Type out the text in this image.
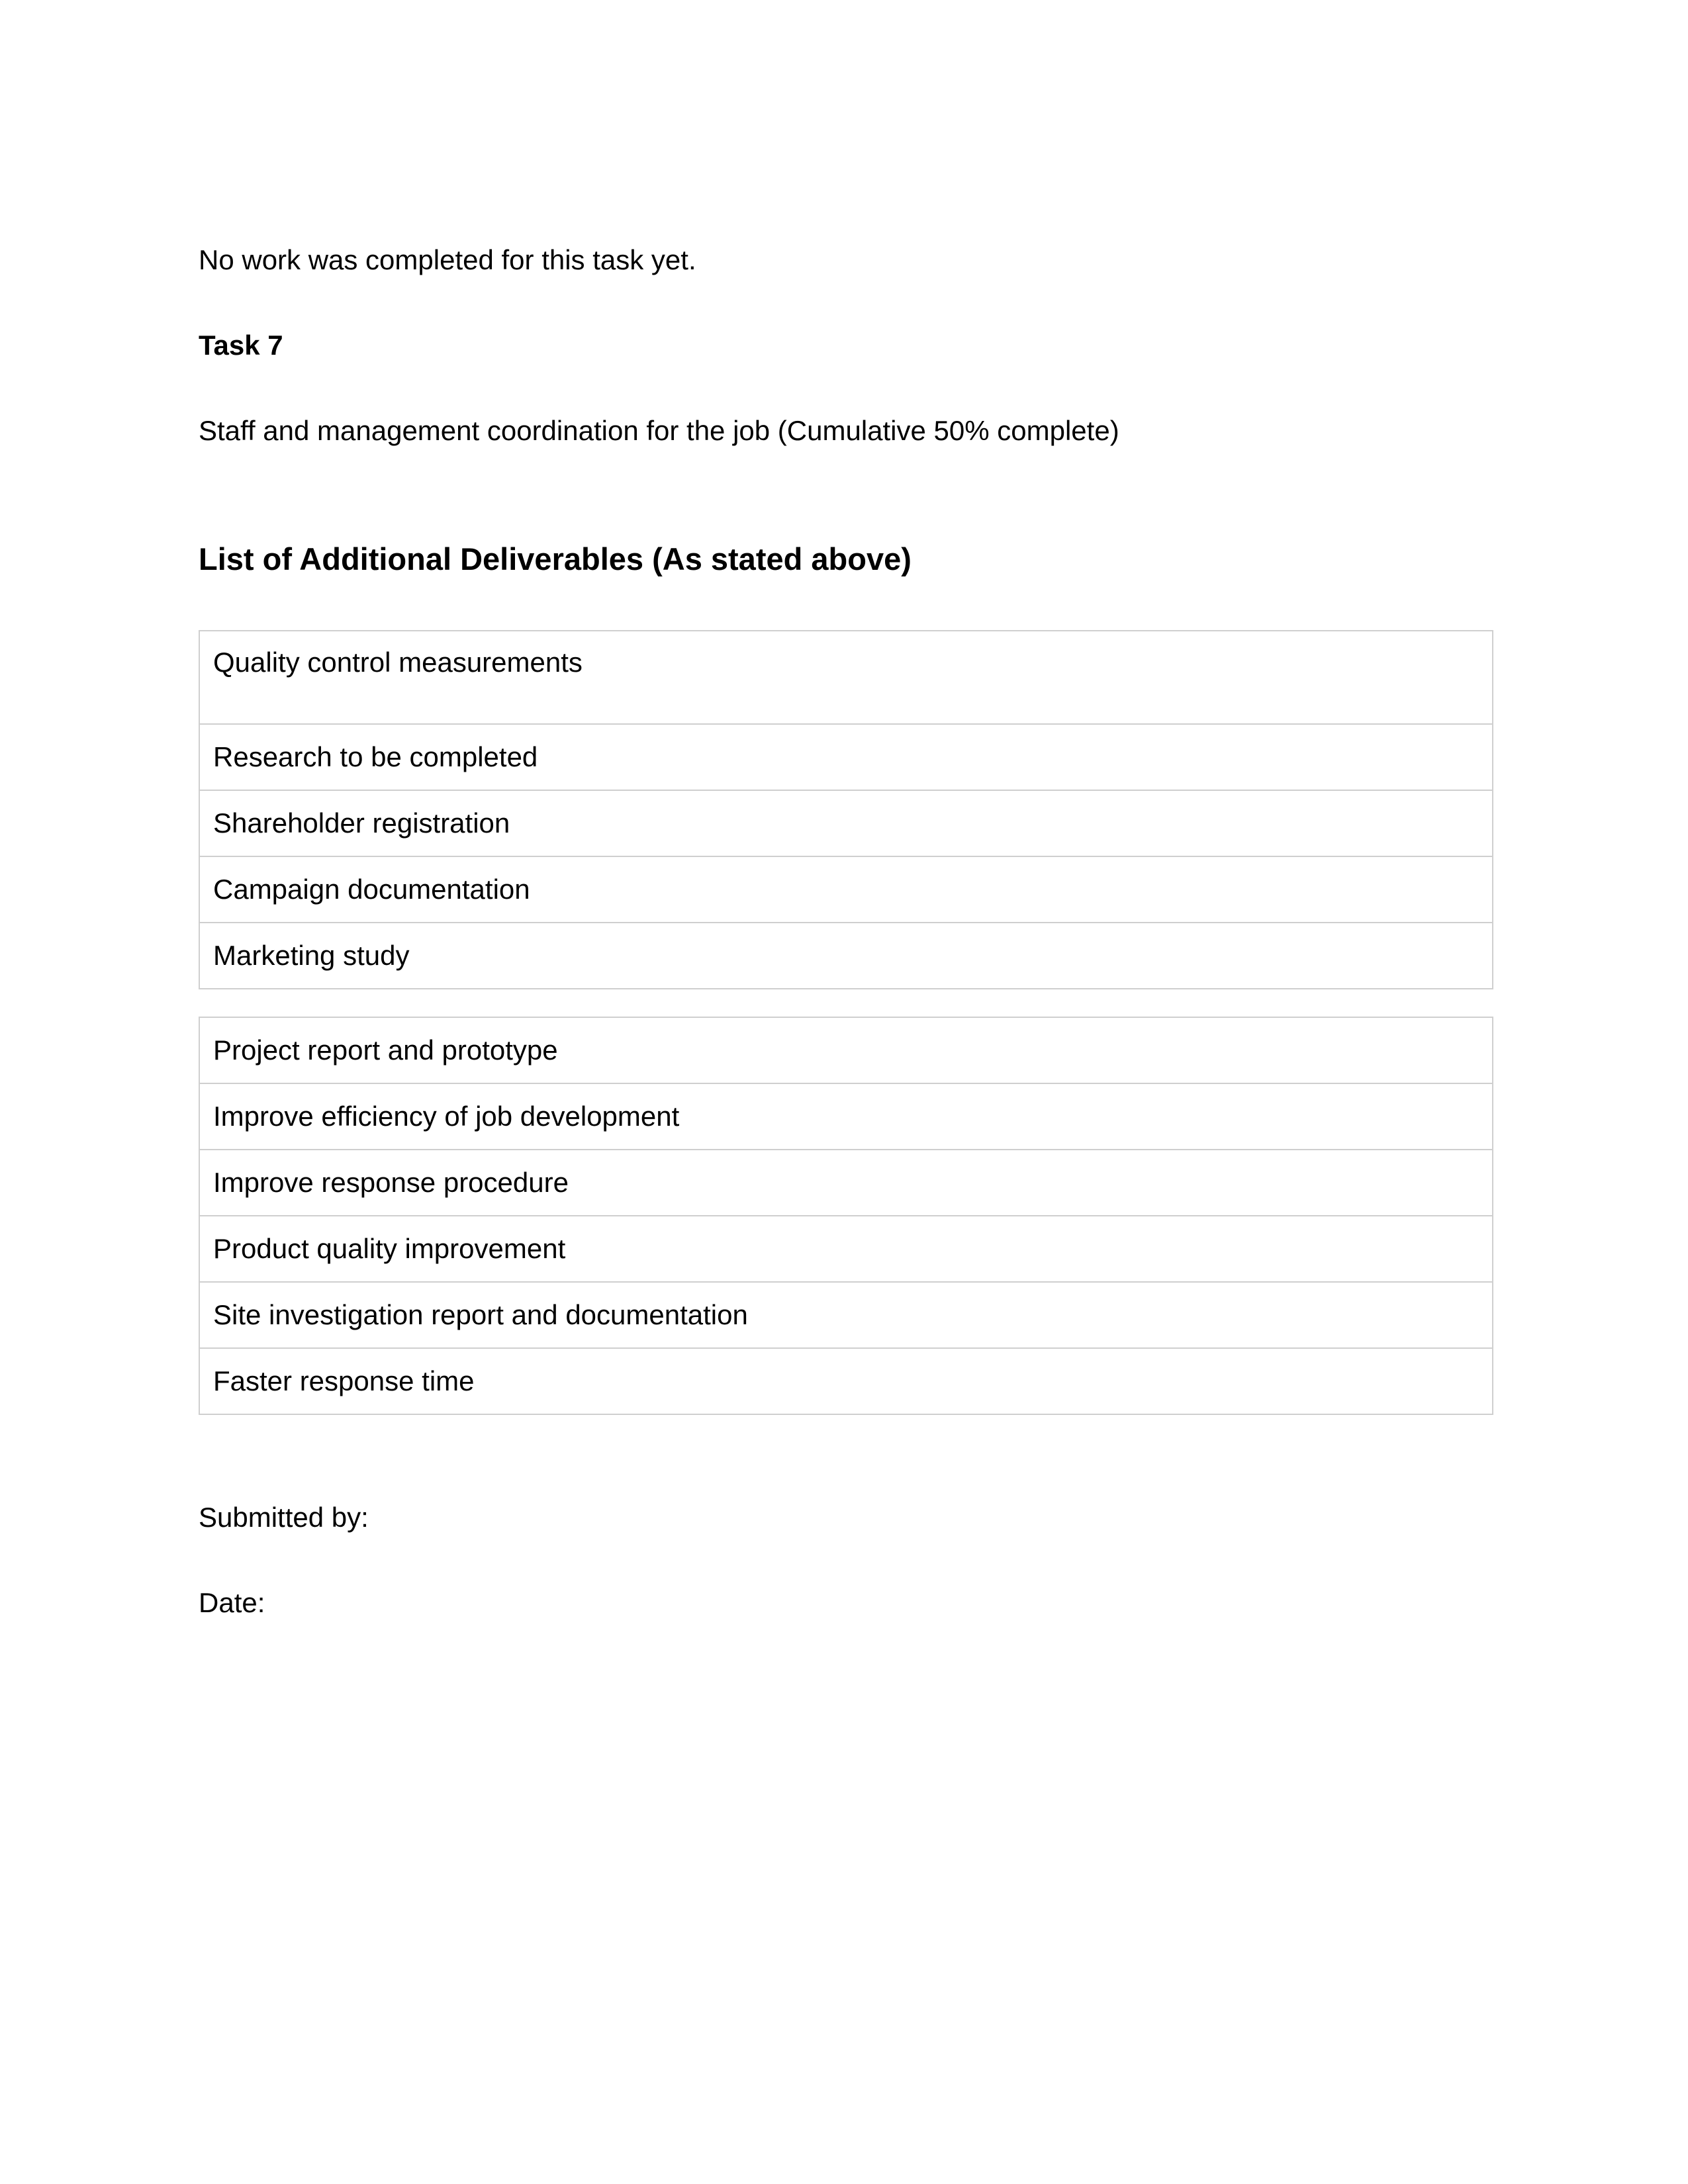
No work was completed for this task yet.
Task 7
Staff and management coordination for the job (Cumulative 50% complete)
List of Additional Deliverables (As stated above)
Quality control measurements
Research to be completed
Shareholder registration
Campaign documentation
Marketing study
Project report and prototype
Improve efficiency of job development
Improve response procedure
Product quality improvement
Site investigation report and documentation
Faster response time
Submitted by:
Date:
